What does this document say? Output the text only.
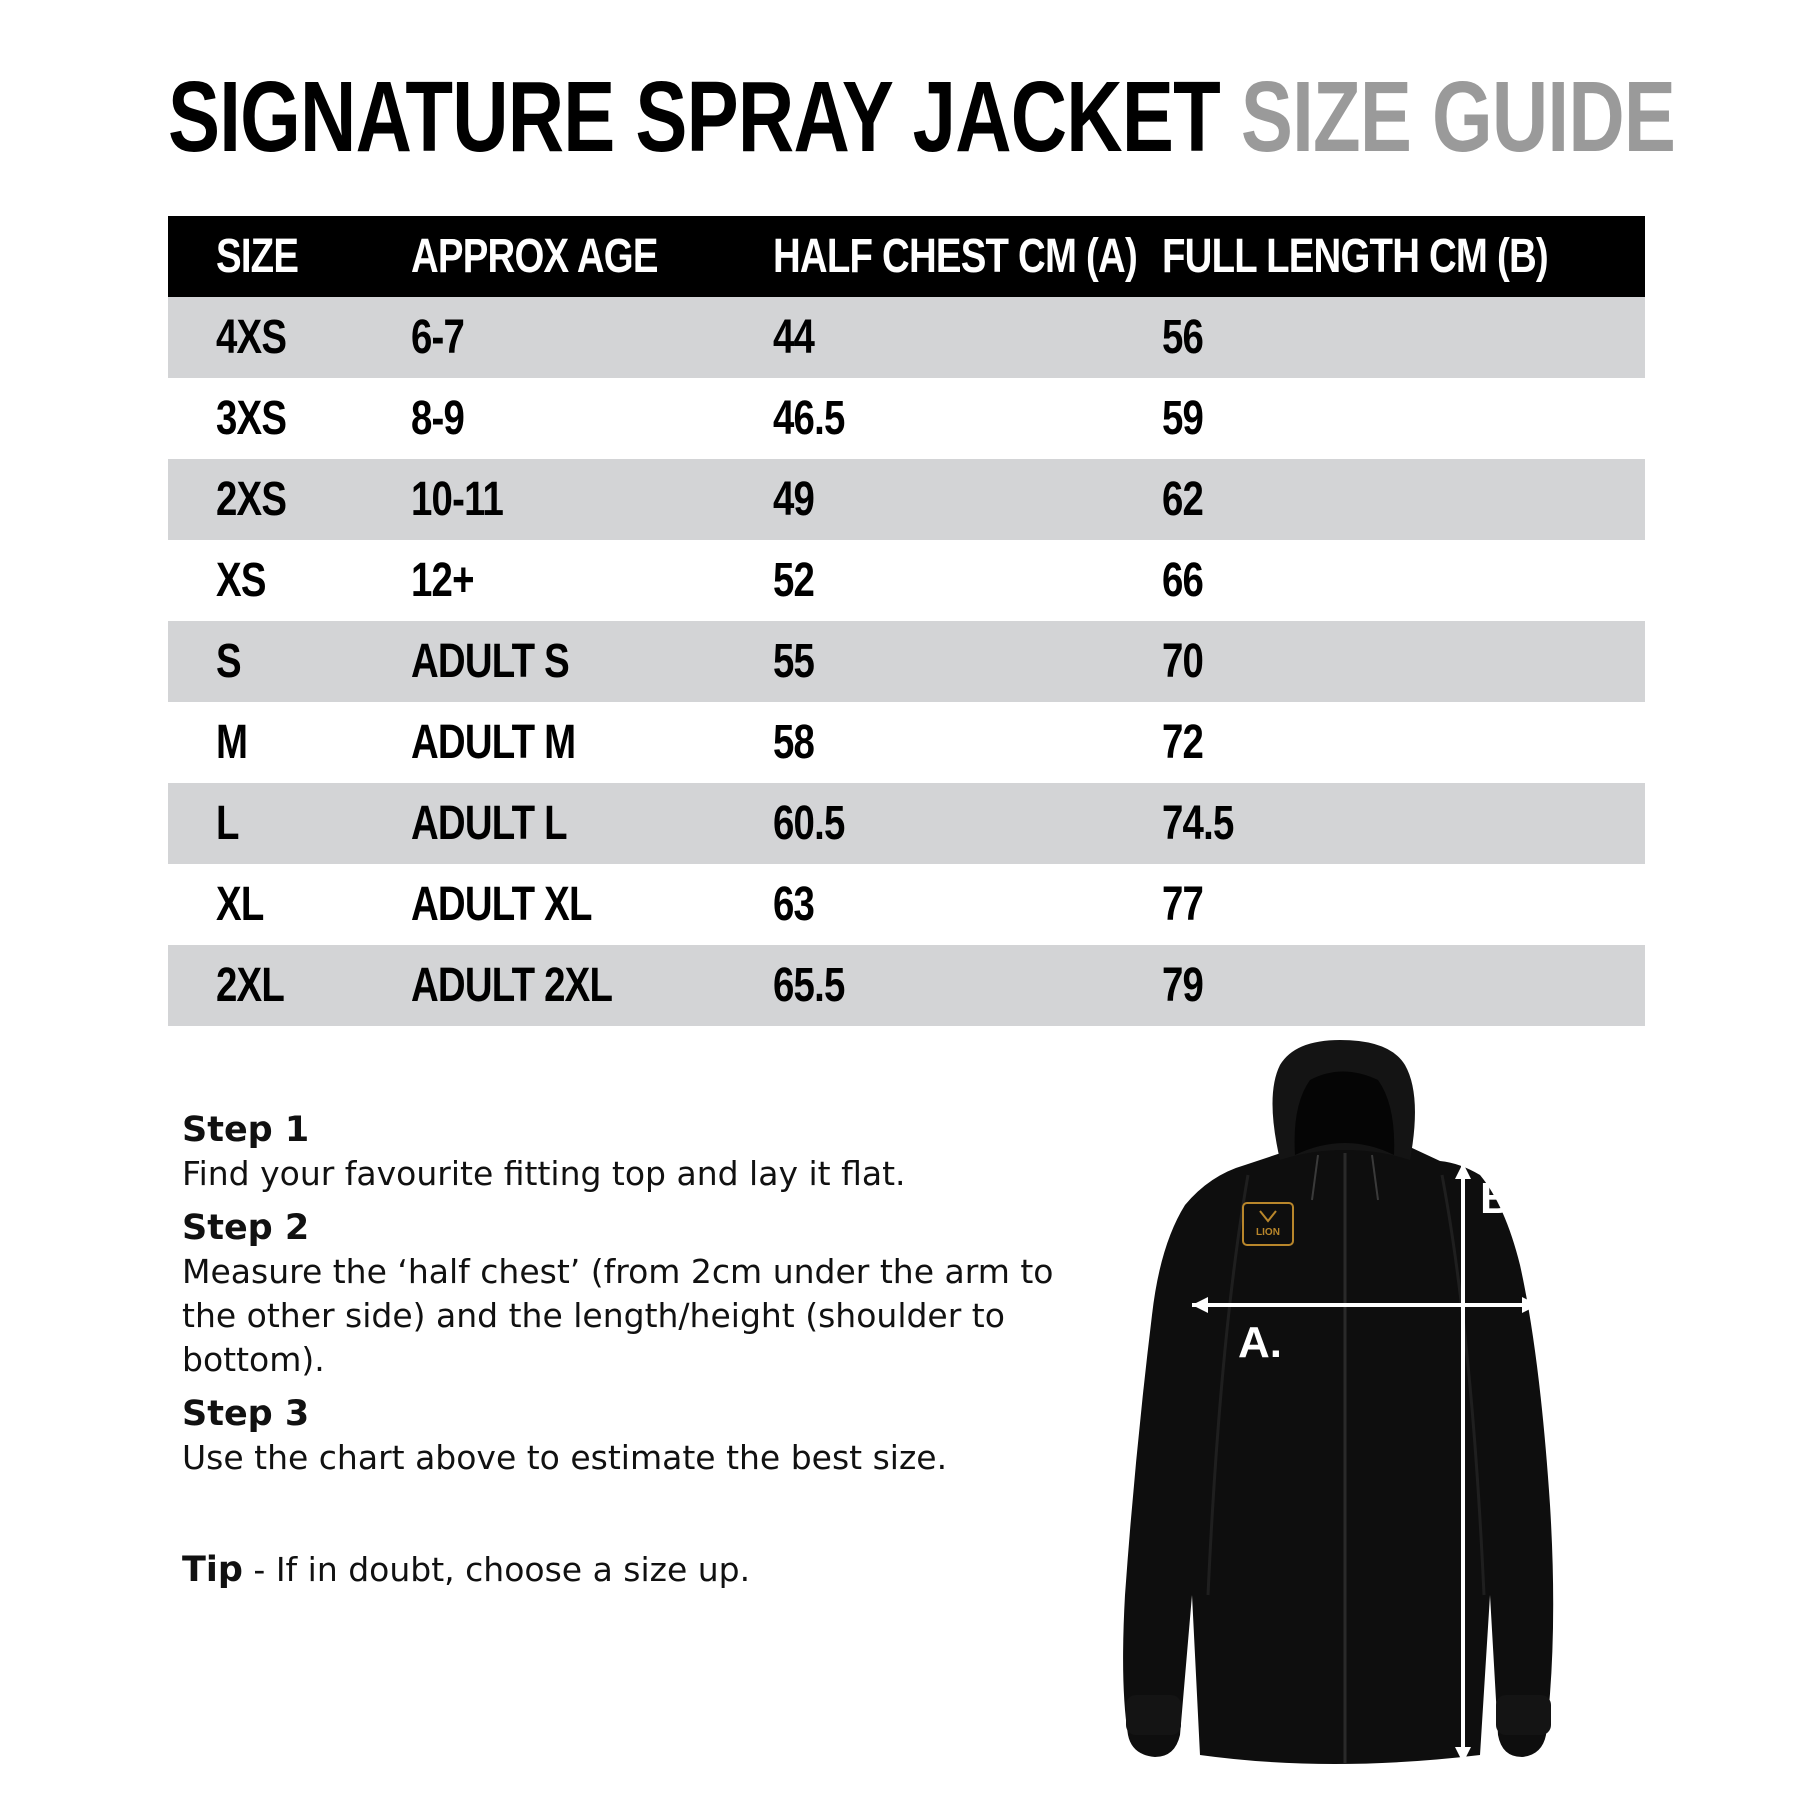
SIGNATURE SPRAY JACKET SIZE GUIDE
SIZE	APPROX AGE	HALF CHEST CM (A)	FULL LENGTH CM (B)
4XS	6-7	44	56
3XS	8-9	46.5	59
2XS	10-11	49	62
XS	12+	52	66
S	ADULT S	55	70
M	ADULT M	58	72
L	ADULT L	60.5	74.5
XL	ADULT XL	63	77
2XL	ADULT 2XL	65.5	79

Step 1

Find your favourite fitting top and lay it flat.

Step 2

Measure the ‘half chest’ (from 2cm under the arm to the other side) and the length/height (shoulder to bottom).

Step 3

Use the chart above to estimate the best size.

Tip - If in doubt, choose a size up.
LION
A.
B.
